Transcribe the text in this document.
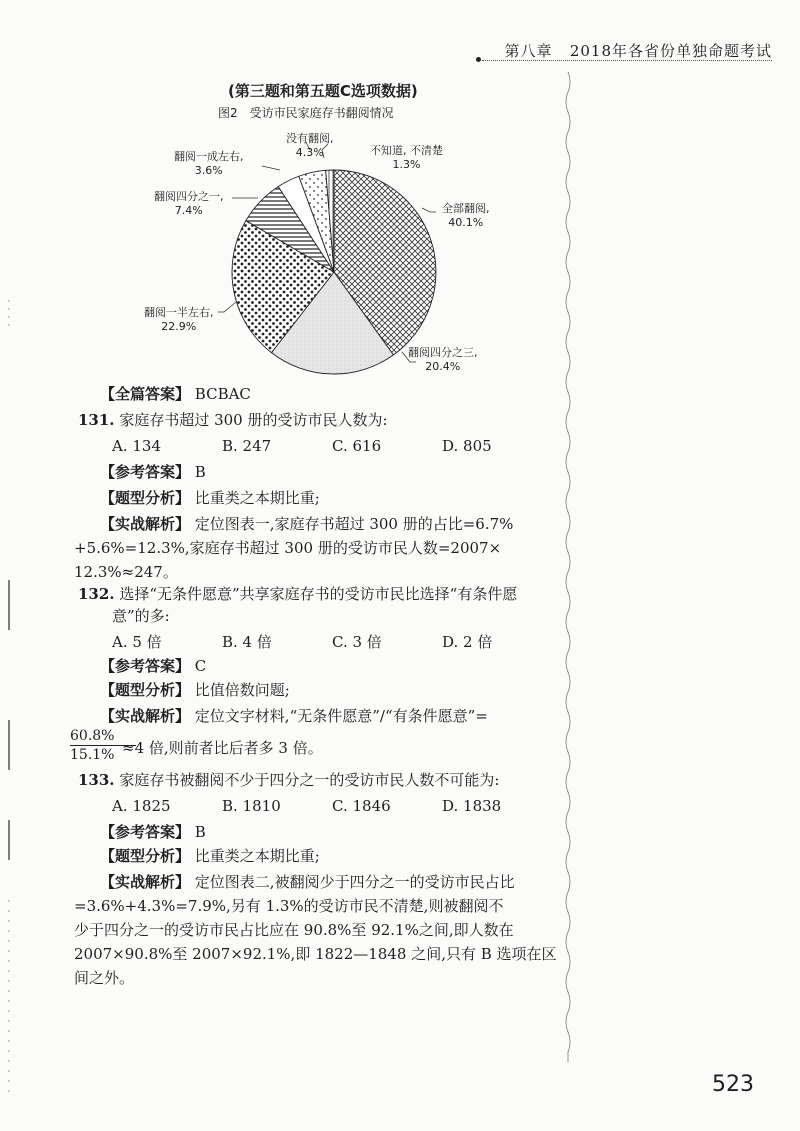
第八章 2018年各省份单独命题考试
(第三题和第五题C选项数据)
图2　受访市民家庭存书翻阅情况
全部翻阅,
40.1%
翻阅四分之三,
20.4%
翻阅一半左右,
22.9%
翻阅四分之一,
7.4%
翻阅一成左右,
3.6%
没有翻阅,
4.3%	不知道, 不清楚
1.3%
【全篇答案】 BCBAC
131. 家庭存书超过 300 册的受访市民人数为:
A. 134	B. 247	C. 616	D. 805
【参考答案】 B
【题型分析】 比重类之本期比重;
【实战解析】 定位图表一,家庭存书超过 300 册的占比=6.7%
+5.6%=12.3%,家庭存书超过 300 册的受访市民人数=2007×
12.3%≈247。
132. 选择“无条件愿意”共享家庭存书的受访市民比选择“有条件愿
意”的多:
A. 5 倍	B. 4 倍	C. 3 倍	D. 2 倍
【参考答案】 C
【题型分析】 比值倍数问题;
【实战解析】 定位文字材料,“无条件愿意”/“有条件愿意”=
60.8%
15.1% ≈4 倍,则前者比后者多 3 倍。
133. 家庭存书被翻阅不少于四分之一的受访市民人数不可能为:
A. 1825	B. 1810	C. 1846	D. 1838
【参考答案】 B
【题型分析】 比重类之本期比重;
【实战解析】 定位图表二,被翻阅少于四分之一的受访市民占比
=3.6%+4.3%=7.9%,另有 1.3%的受访市民不清楚,则被翻阅不
少于四分之一的受访市民占比应在 90.8%至 92.1%之间,即人数在
2007×90.8%至 2007×92.1%,即 1822—1848 之间,只有 B 选项在区
间之外。
523
